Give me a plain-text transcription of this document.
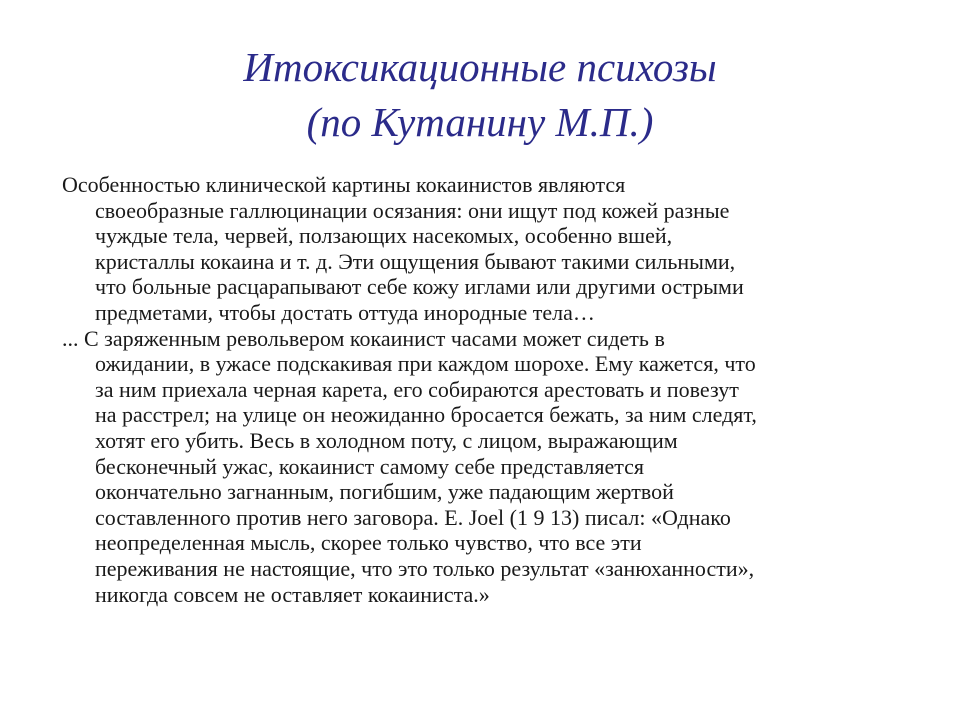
Итоксикационные психозы
(по Кутанину М.П.)
Особенностью клинической картины кокаинистов являются
своеобразные галлюцинации осязания: они ищут под кожей разные
чуждые тела, червей, ползающих насекомых, особенно вшей,
кристаллы кокаина и т. д. Эти ощущения бывают такими сильными,
что больные расцарапывают себе кожу иглами или другими острыми
предметами, чтобы достать оттуда инородные тела…
... С заряженным револьвером кокаинист часами может сидеть в
ожидании, в ужасе подскакивая при каждом шорохе. Ему кажется, что
за ним приехала черная карета, его собираются арестовать и повезут
на расстрел; на улице он неожиданно бросается бежать, за ним следят,
хотят его убить. Весь в холодном поту, с лицом, выражающим
бесконечный ужас, кокаинист самому себе представляется
окончательно загнанным, погибшим, уже падающим жертвой
составленного против него заговора. E. Joel (1 9 13) писал: «Однако
неопределенная мысль, скорее только чувство, что все эти
переживания не настоящие, что это только результат «занюханности»,
никогда совсем не оставляет кокаиниста.»
